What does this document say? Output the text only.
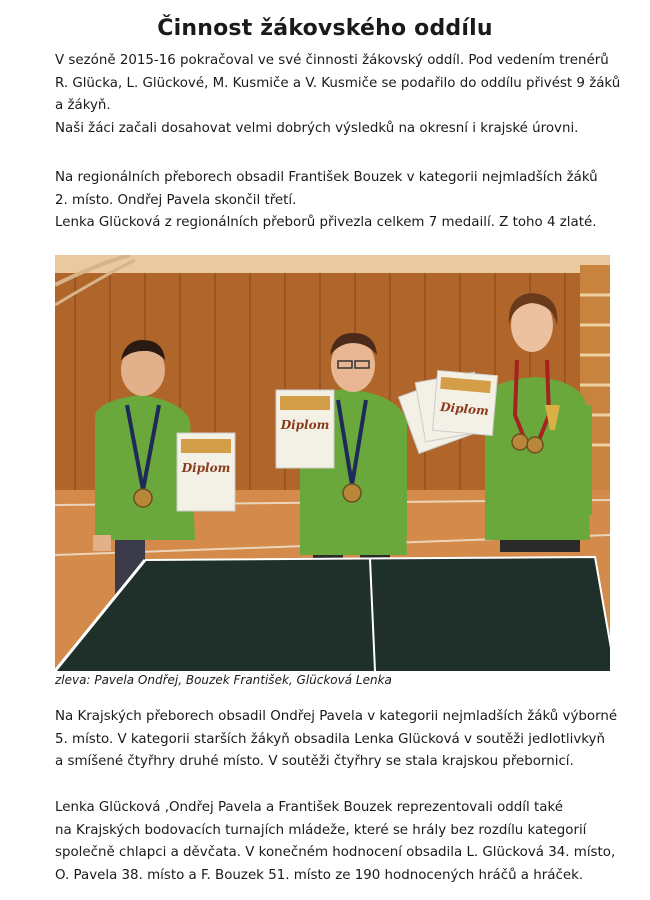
Činnost žákovského oddílu

V sezóně 2015-16 pokračoval ve své činnosti žákovský oddíl. Pod vedením trenérů
R. Glücka, L. Glückové, M. Kusmiče a V. Kusmiče se podařilo do oddílu přivést 9 žáků
a žákyň.
Naši žáci začali dosahovat velmi dobrých výsledků na okresní i krajské úrovni.

Na regionálních přeborech obsadil František Bouzek v kategorii nejmladších žáků
2. místo. Ondřej Pavela skončil třetí.
Lenka Glücková z regionálních přeborů přivezla celkem 7 medailí. Z toho 4 zlaté.

Diplom
Diplom
Diplom

zleva: Pavela Ondřej, Bouzek František, Glücková Lenka

Na Krajských přeborech obsadil Ondřej Pavela v kategorii nejmladších žáků výborné
5. místo. V kategorii starších žákyň obsadila Lenka Glücková v soutěži jedlotlivkyň
a smíšené čtyřhry druhé místo. V soutěži čtyřhry se stala krajskou přebornicí.

Lenka Glücková ,Ondřej Pavela a František Bouzek reprezentovali oddíl také
na Krajských bodovacích turnajích mládeže, které se hrály bez rozdílu kategorií
společně chlapci a děvčata. V konečném hodnocení obsadila L. Glücková 34. místo,
O. Pavela 38. místo a F. Bouzek 51. místo ze 190 hodnocených hráčů a hráček.
